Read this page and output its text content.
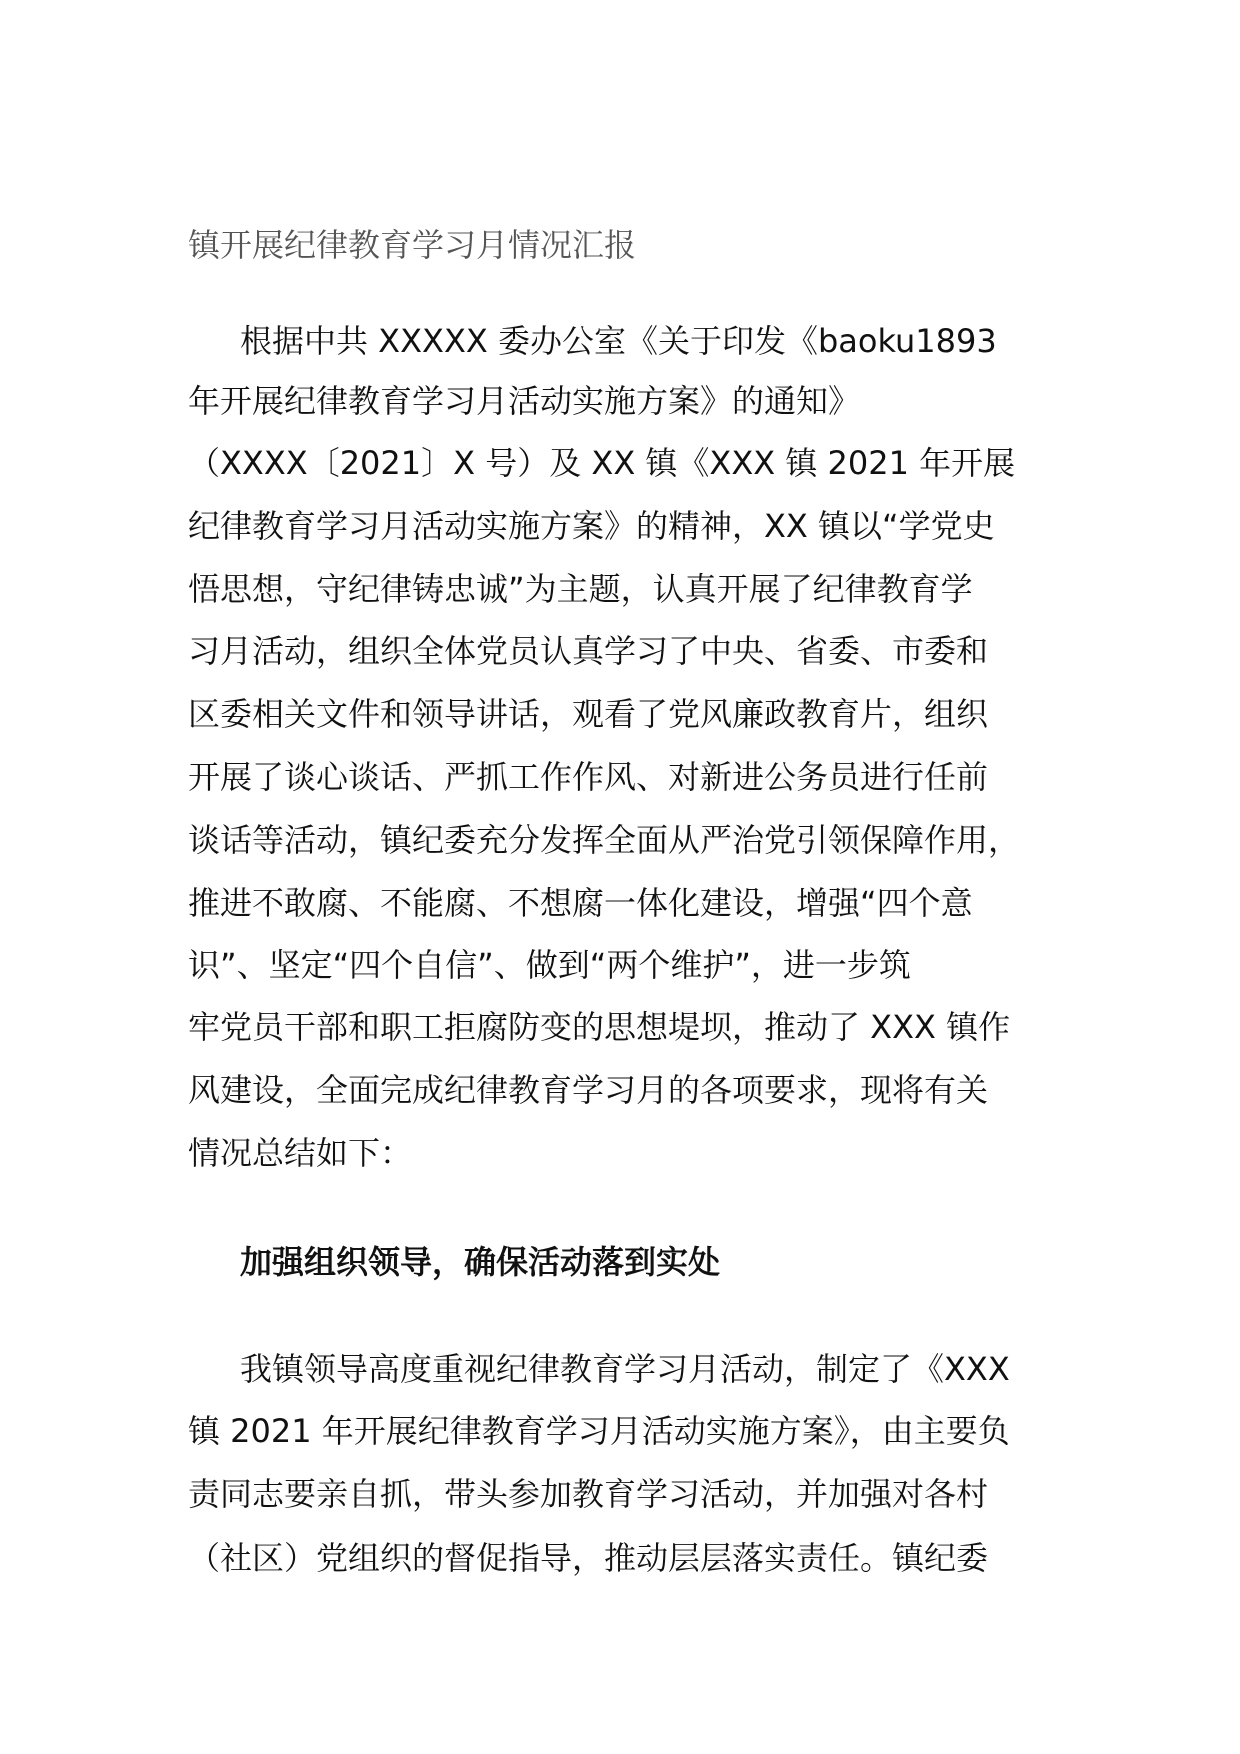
镇开展纪律教育学习月情况汇报
根据中共 XXXXX 委办公室《关于印发《baoku1893
年开展纪律教育学习月活动实施方案》的通知》
（XXXX〔2021〕X 号）及 XX 镇《XXX 镇 2021 年开展
纪律教育学习月活动实施方案》的精神，XX 镇以“学党史
悟思想，守纪律铸忠诚”为主题，认真开展了纪律教育学
习月活动，组织全体党员认真学习了中央、省委、市委和
区委相关文件和领导讲话，观看了党风廉政教育片，组织
开展了谈心谈话、严抓工作作风、对新进公务员进行任前
谈话等活动，镇纪委充分发挥全面从严治党引领保障作用，
推进不敢腐、不能腐、不想腐一体化建设，增强“四个意
识”、坚定“四个自信”、做到“两个维护”，进一步筑
牢党员干部和职工拒腐防变的思想堤坝，推动了 XXX 镇作
风建设，全面完成纪律教育学习月的各项要求，现将有关
情况总结如下：
加强组织领导，确保活动落到实处
我镇领导高度重视纪律教育学习月活动，制定了《XXX
镇 2021 年开展纪律教育学习月活动实施方案》，由主要负
责同志要亲自抓，带头参加教育学习活动，并加强对各村
（社区）党组织的督促指导，推动层层落实责任。镇纪委
